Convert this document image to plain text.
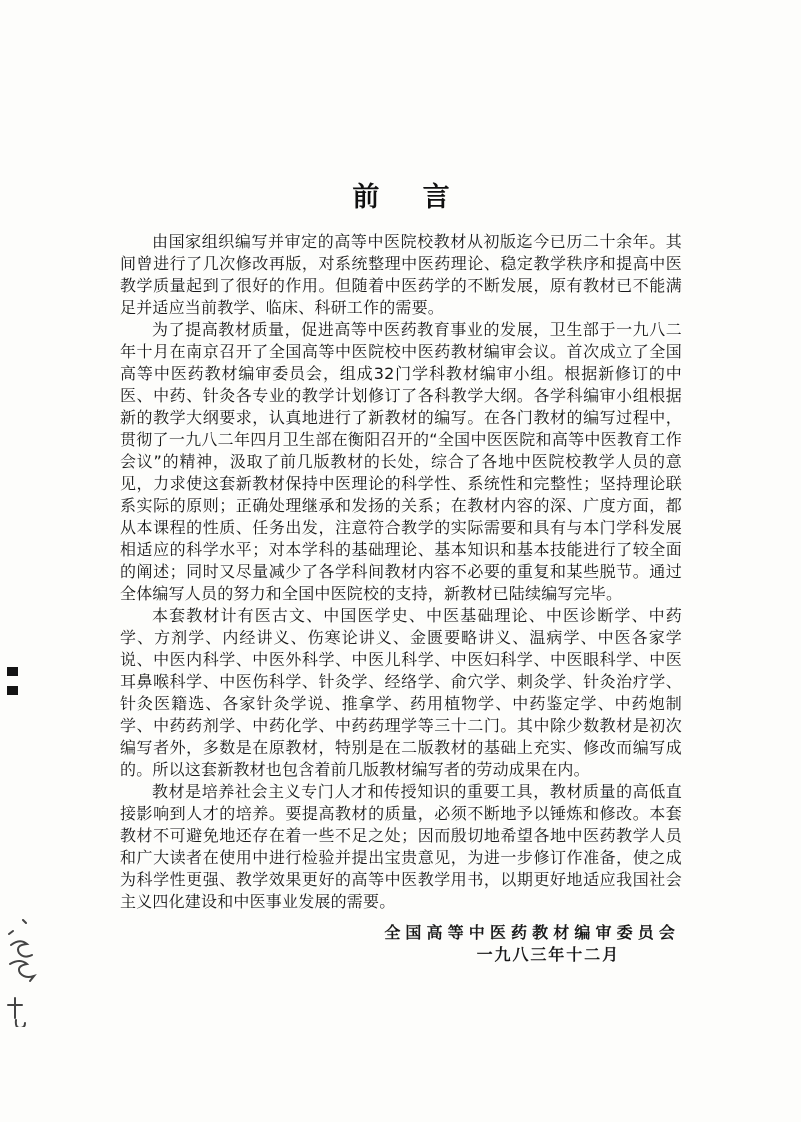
前言

由国家组织编写并审定的高等中医院校教材从初版迄今已历二十余年。其间曾进行了几次修改再版，对系统整理中医药理论、稳定教学秩序和提高中医教学质量起到了很好的作用。但随着中医药学的不断发展，原有教材已不能满足并适应当前教学、临床、科研工作的需要。

为了提高教材质量，促进高等中医药教育事业的发展，卫生部于一九八二年十月在南京召开了全国高等中医院校中医药教材编审会议。首次成立了全国高等中医药教材编审委员会，组成32门学科教材编审小组。根据新修订的中医、中药、针灸各专业的教学计划修订了各科教学大纲。各学科编审小组根据新的教学大纲要求，认真地进行了新教材的编写。在各门教材的编写过程中，贯彻了一九八二年四月卫生部在衡阳召开的“全国中医医院和高等中医教育工作会议”的精神，汲取了前几版教材的长处，综合了各地中医院校教学人员的意见，力求使这套新教材保持中医理论的科学性、系统性和完整性；坚持理论联系实际的原则；正确处理继承和发扬的关系；在教材内容的深、广度方面，都从本课程的性质、任务出发，注意符合教学的实际需要和具有与本门学科发展相适应的科学水平；对本学科的基础理论、基本知识和基本技能进行了较全面的阐述；同时又尽量减少了各学科间教材内容不必要的重复和某些脱节。通过全体编写人员的努力和全国中医院校的支持，新教材已陆续编写完毕。

本套教材计有医古文、中国医学史、中医基础理论、中医诊断学、中药学、方剂学、内经讲义、伤寒论讲义、金匮要略讲义、温病学、中医各家学说、中医内科学、中医外科学、中医儿科学、中医妇科学、中医眼科学、中医耳鼻喉科学、中医伤科学、针灸学、经络学、俞穴学、刺灸学、针灸治疗学、针灸医籍选、各家针灸学说、推拿学、药用植物学、中药鉴定学、中药炮制学、中药药剂学、中药化学、中药药理学等三十二门。其中除少数教材是初次编写者外，多数是在原教材，特别是在二版教材的基础上充实、修改而编写成的。所以这套新教材也包含着前几版教材编写者的劳动成果在内。

教材是培养社会主义专门人才和传授知识的重要工具，教材质量的高低直接影响到人才的培养。要提高教材的质量，必须不断地予以锤炼和修改。本套教材不可避免地还存在着一些不足之处；因而殷切地希望各地中医药教学人员和广大读者在使用中进行检验并提出宝贵意见，为进一步修订作准备，使之成为科学性更强、教学效果更好的高等中医教学用书，以期更好地适应我国社会主义四化建设和中医事业发展的需要。

全国高等中医药教材编审委员会

一九八三年十二月
